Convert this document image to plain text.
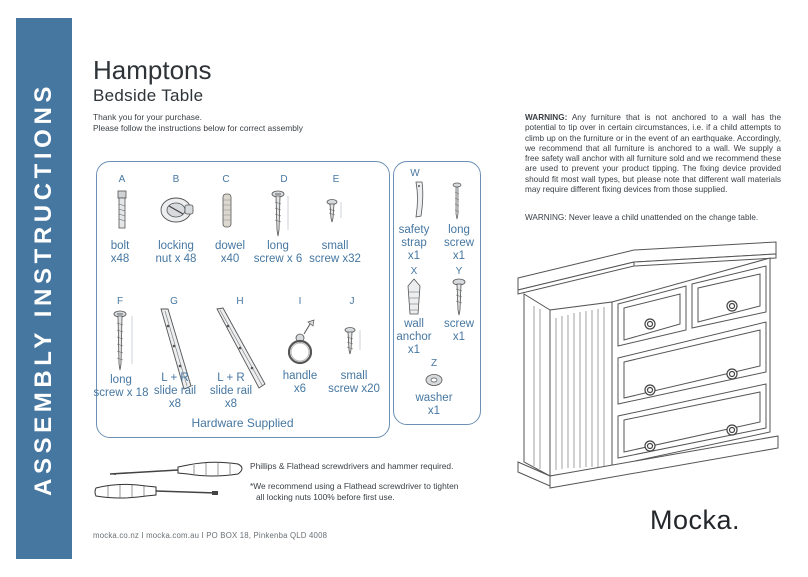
ASSEMBLY INSTRUCTIONS
Hamptons
Bedside Table
Thank you for your purchase.
Please follow the instructions below for correct assembly
A	B	C	D	E
bolt
x48
locking
nut x 48
dowel
x40
long
screw x 6
small
screw x32
F	G	H	I	J
long
screw x 18
L + R
slide rail
x8
L + R
slide rail
x8
handle
x6
small
screw x20
Hardware Supplied
W
safety
strap
x1
long
screw
x1
X	Y
wall
anchor
x1
screw
x1
Z
washer
x1
WARNING: Any furniture that is not anchored to a wall has the potential to tip over in certain circumstances, i.e. if a child attempts to climb up on the furniture or in the event of an earthquake. Accordingly, we recommend that all furniture is anchored to a wall. We supply a free safety wall anchor with all furniture sold and we recommend these are used to prevent your product tipping. The fixing device provided should fit most wall types, but please note that different wall materials may require different fixing devices from those supplied.
WARNING: Never leave a child unattended on the change table.
Phillips & Flathead screwdrivers and hammer required.
*We recommend using a Flathead screwdriver to tighten
all locking nuts 100% before first use.
mocka.co.nz I mocka.com.au I PO BOX 18, Pinkenba QLD 4008
Mocka.
